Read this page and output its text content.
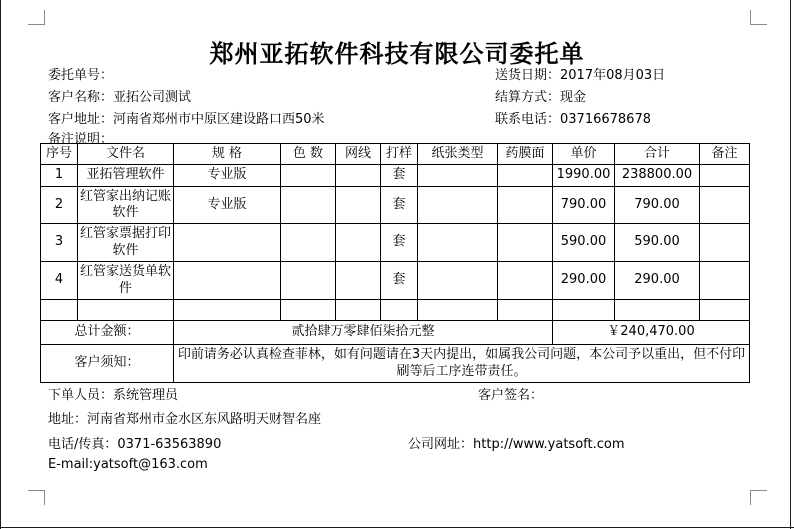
郑州亚拓软件科技有限公司委托单
委托单号：	送货日期：2017年08月03日
客户名称：亚拓公司测试	结算方式：现金
客户地址：河南省郑州市中原区建设路口西50米	联系电话：03716678678
备注说明：
序号	文件名	规 格	色 数	网线	打样	纸张类型	药膜面	单价	合计	备注
1	亚拓管理软件	专业版			套			1990.00	238800.00	
2	红管家出纳记账软件	专业版			套			790.00	790.00	
3	红管家票据打印软件				套			590.00	590.00	
4	红管家送货单软件				套			290.00	290.00	

总计金额：		贰拾肆万零肆佰柒拾元整						￥240,470.00		
客户须知：		印前请务必认真检查菲林，如有问题请在3天内提出，如属我公司问题，本公司予以重出，但不付印刷等后工序连带责任。								
下单人员：系统管理员	客户签名：
地址：河南省郑州市金水区东风路明天财智名座
电话/传真：0371-63563890	公司网址：http://www.yatsoft.com
E-mail:yatsoft@163.com
